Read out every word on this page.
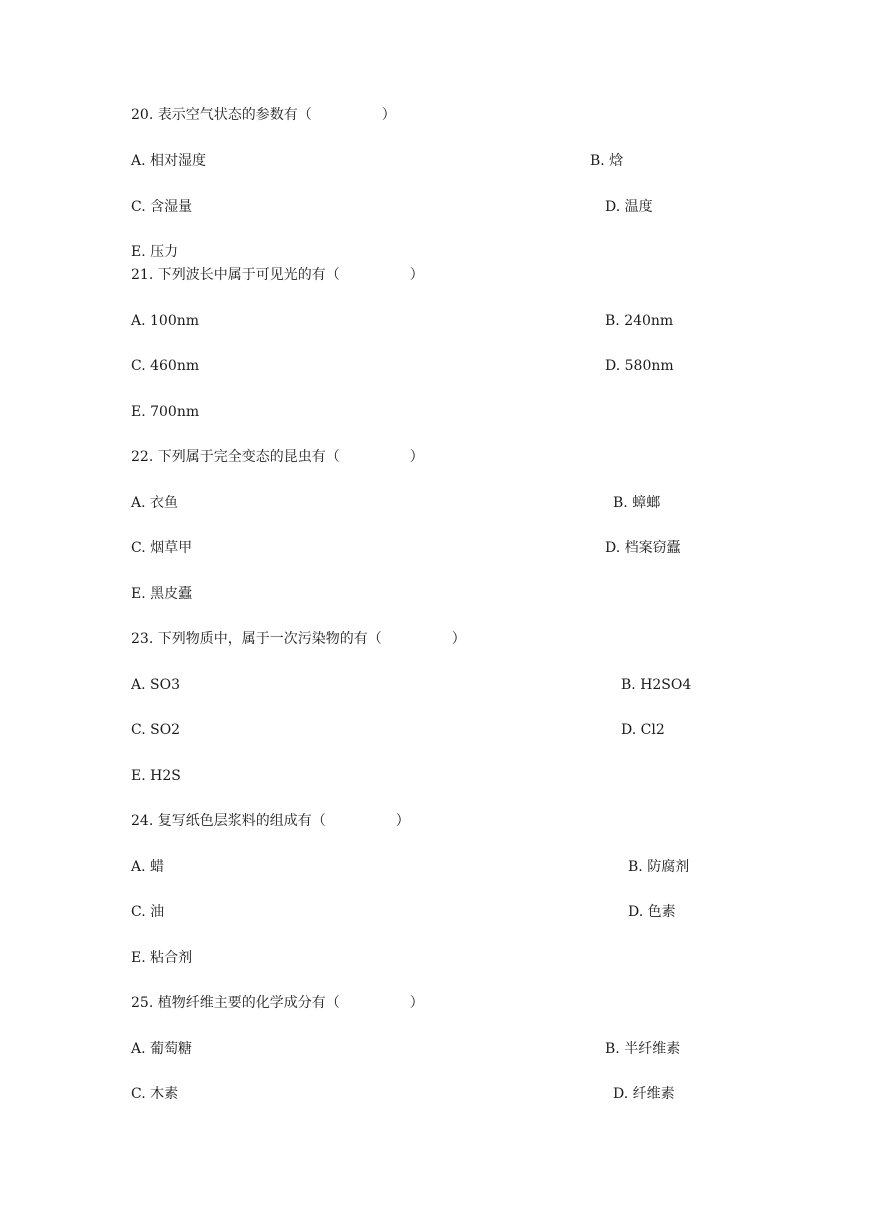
20. 表示空气状态的参数有（　　　　　）
A. 相对湿度	B. 焓
C. 含湿量	D. 温度
E. 压力
21. 下列波长中属于可见光的有（　　　　　）
A. 100nm	B. 240nm
C. 460nm	D. 580nm
E. 700nm
22. 下列属于完全变态的昆虫有（　　　　　）
A. 衣鱼	B. 蟑螂
C. 烟草甲	D. 档案窃蠹
E. 黑皮蠹
23. 下列物质中，属于一次污染物的有（　　　　　）
A. SO3	B. H2SO4
C. SO2	D. Cl2
E. H2S
24. 复写纸色层浆料的组成有（　　　　　）
A. 蜡	B. 防腐剂
C. 油	D. 色素
E. 粘合剂
25. 植物纤维主要的化学成分有（　　　　　）
A. 葡萄糖	B. 半纤维素
C. 木素	D. 纤维素
